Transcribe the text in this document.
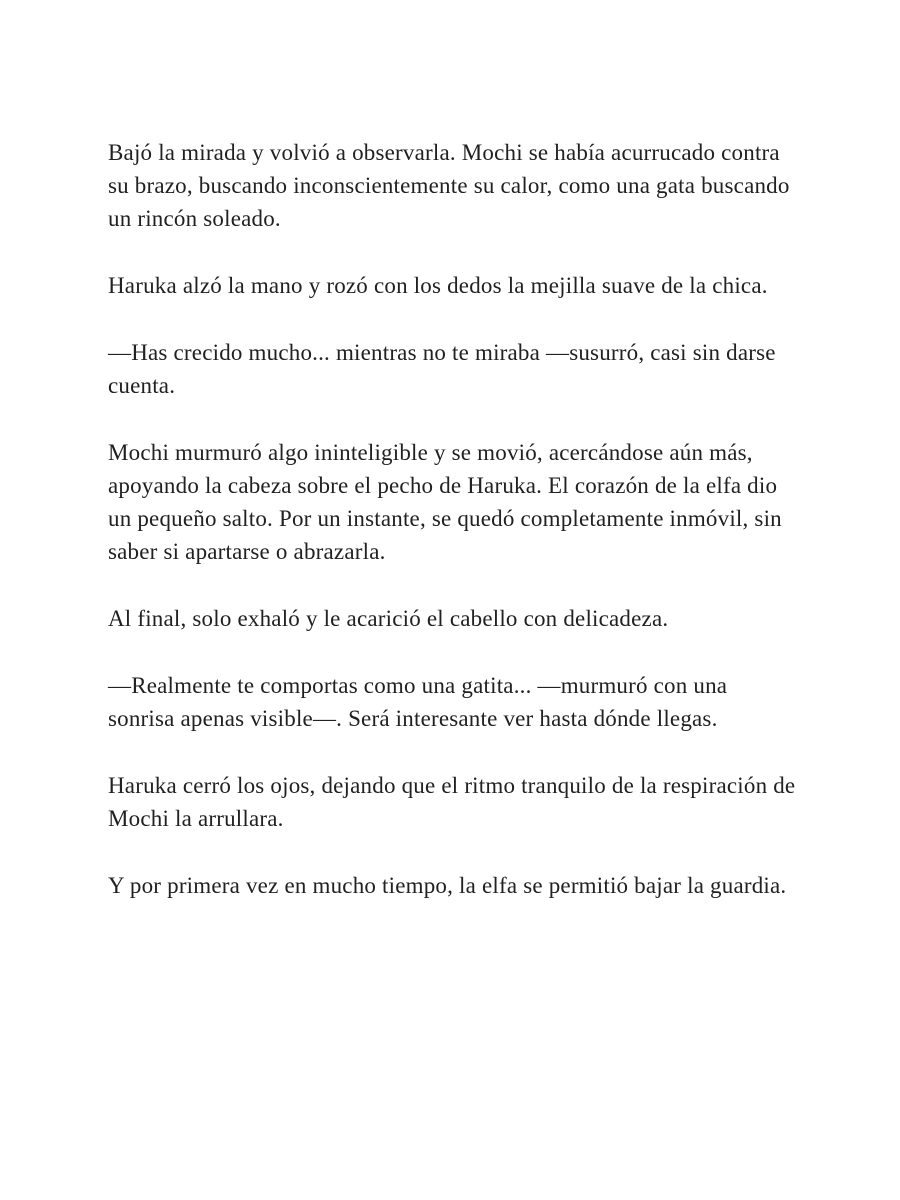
Bajó la mirada y volvió a observarla. Mochi se había acurrucado contra su brazo, buscando inconscientemente su calor, como una gata buscando un rincón soleado.

Haruka alzó la mano y rozó con los dedos la mejilla suave de la chica.

—Has crecido mucho... mientras no te miraba —susurró, casi sin darse cuenta.

Mochi murmuró algo ininteligible y se movió, acercándose aún más, apoyando la cabeza sobre el pecho de Haruka. El corazón de la elfa dio un pequeño salto. Por un instante, se quedó completamente inmóvil, sin saber si apartarse o abrazarla.

Al final, solo exhaló y le acarició el cabello con delicadeza.

—Realmente te comportas como una gatita... —murmuró con una sonrisa apenas visible—. Será interesante ver hasta dónde llegas.

Haruka cerró los ojos, dejando que el ritmo tranquilo de la respiración de Mochi la arrullara.

Y por primera vez en mucho tiempo, la elfa se permitió bajar la guardia.
